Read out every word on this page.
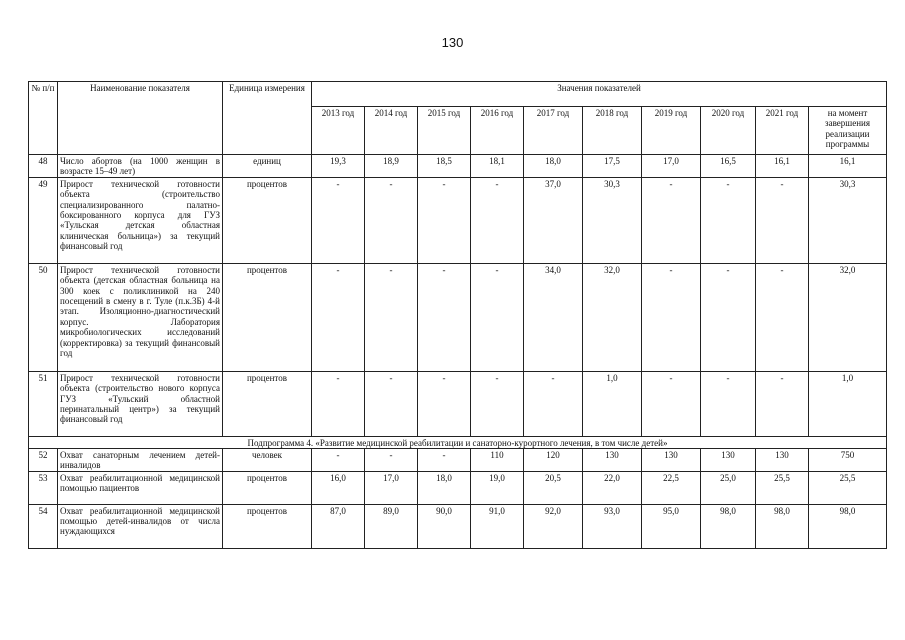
130
№ п/п	Наименование показателя	Единица измерения	Значения показателей									
			2013 год	2014 год	2015 год	2016 год	2017 год	2018 год	2019 год	2020 год	2021 год	на момент завершения реализации программы
48	Число абортов (на 1000 женщин в возрасте 15–49 лет)	единиц	19,3	18,9	18,5	18,1	18,0	17,5	17,0	16,5	16,1	16,1
49	Прирост технической готовности объекта (строительство специализированного палатно-боксированного корпуса для ГУЗ «Тульская детская областная клиническая больница») за текущий финансовый год	процентов	-	-	-	-	37,0	30,3	-	-	-	30,3
50	Прирост технической готовности объекта (детская областная больница на 300 коек с поликлиникой на 240 посещений в смену в г. Туле (п.к.3Б) 4-й этап. Изоляционно-диагностический корпус. Лаборатория микробиологических исследований (корректировка) за текущий финансовый год	процентов	-	-	-	-	34,0	32,0	-	-	-	32,0
51	Прирост технической готовности объекта (строительство нового корпуса ГУЗ «Тульский областной перинатальный центр») за текущий финансовый год	процентов	-	-	-	-	-	1,0	-	-	-	1,0
Подпрограмма 4. «Развитие медицинской реабилитации и санаторно-курортного лечения, в том числе детей»												
52	Охват санаторным лечением детей-инвалидов	человек	-	-	-	110	120	130	130	130	130	750
53	Охват реабилитационной медицинской помощью пациентов	процентов	16,0	17,0	18,0	19,0	20,5	22,0	22,5	25,0	25,5	25,5
54	Охват реабилитационной медицинской помощью детей-инвалидов от числа нуждающихся	процентов	87,0	89,0	90,0	91,0	92,0	93,0	95,0	98,0	98,0	98,0
